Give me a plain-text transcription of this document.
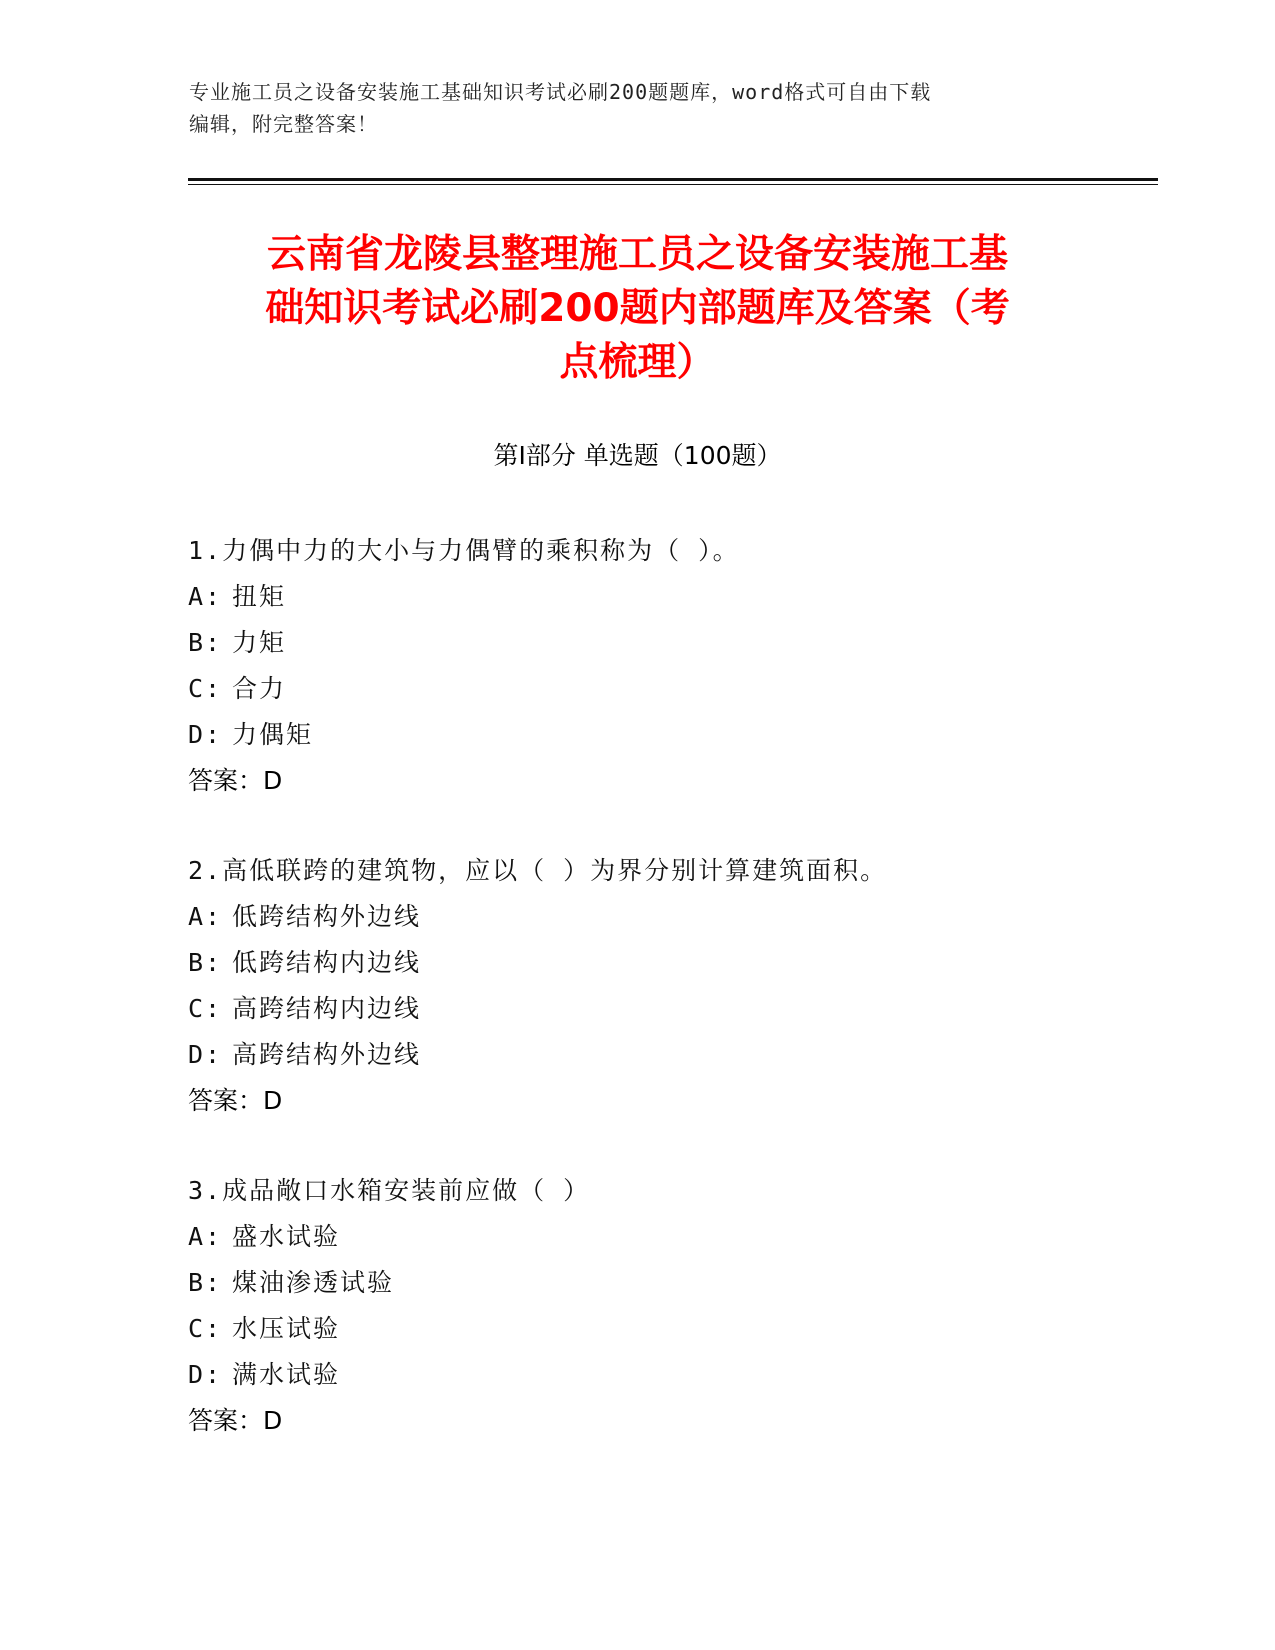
专业施工员之设备安装施工基础知识考试必刷200题题库，word格式可自由下载
编辑，附完整答案！
云南省龙陵县整理施工员之设备安装施工基
础知识考试必刷200题内部题库及答案（考
点梳理）
第Ⅰ部分 单选题（100题）
1.力偶中力的大小与力偶臂的乘积称为（ ）。
A: 扭矩
B: 力矩
C: 合力
D: 力偶矩
答案：D
2.高低联跨的建筑物，应以（ ）为界分别计算建筑面积。
A: 低跨结构外边线
B: 低跨结构内边线
C: 高跨结构内边线
D: 高跨结构外边线
答案：D
3.成品敞口水箱安装前应做（ ）
A: 盛水试验
B: 煤油渗透试验
C: 水压试验
D: 满水试验
答案：D
